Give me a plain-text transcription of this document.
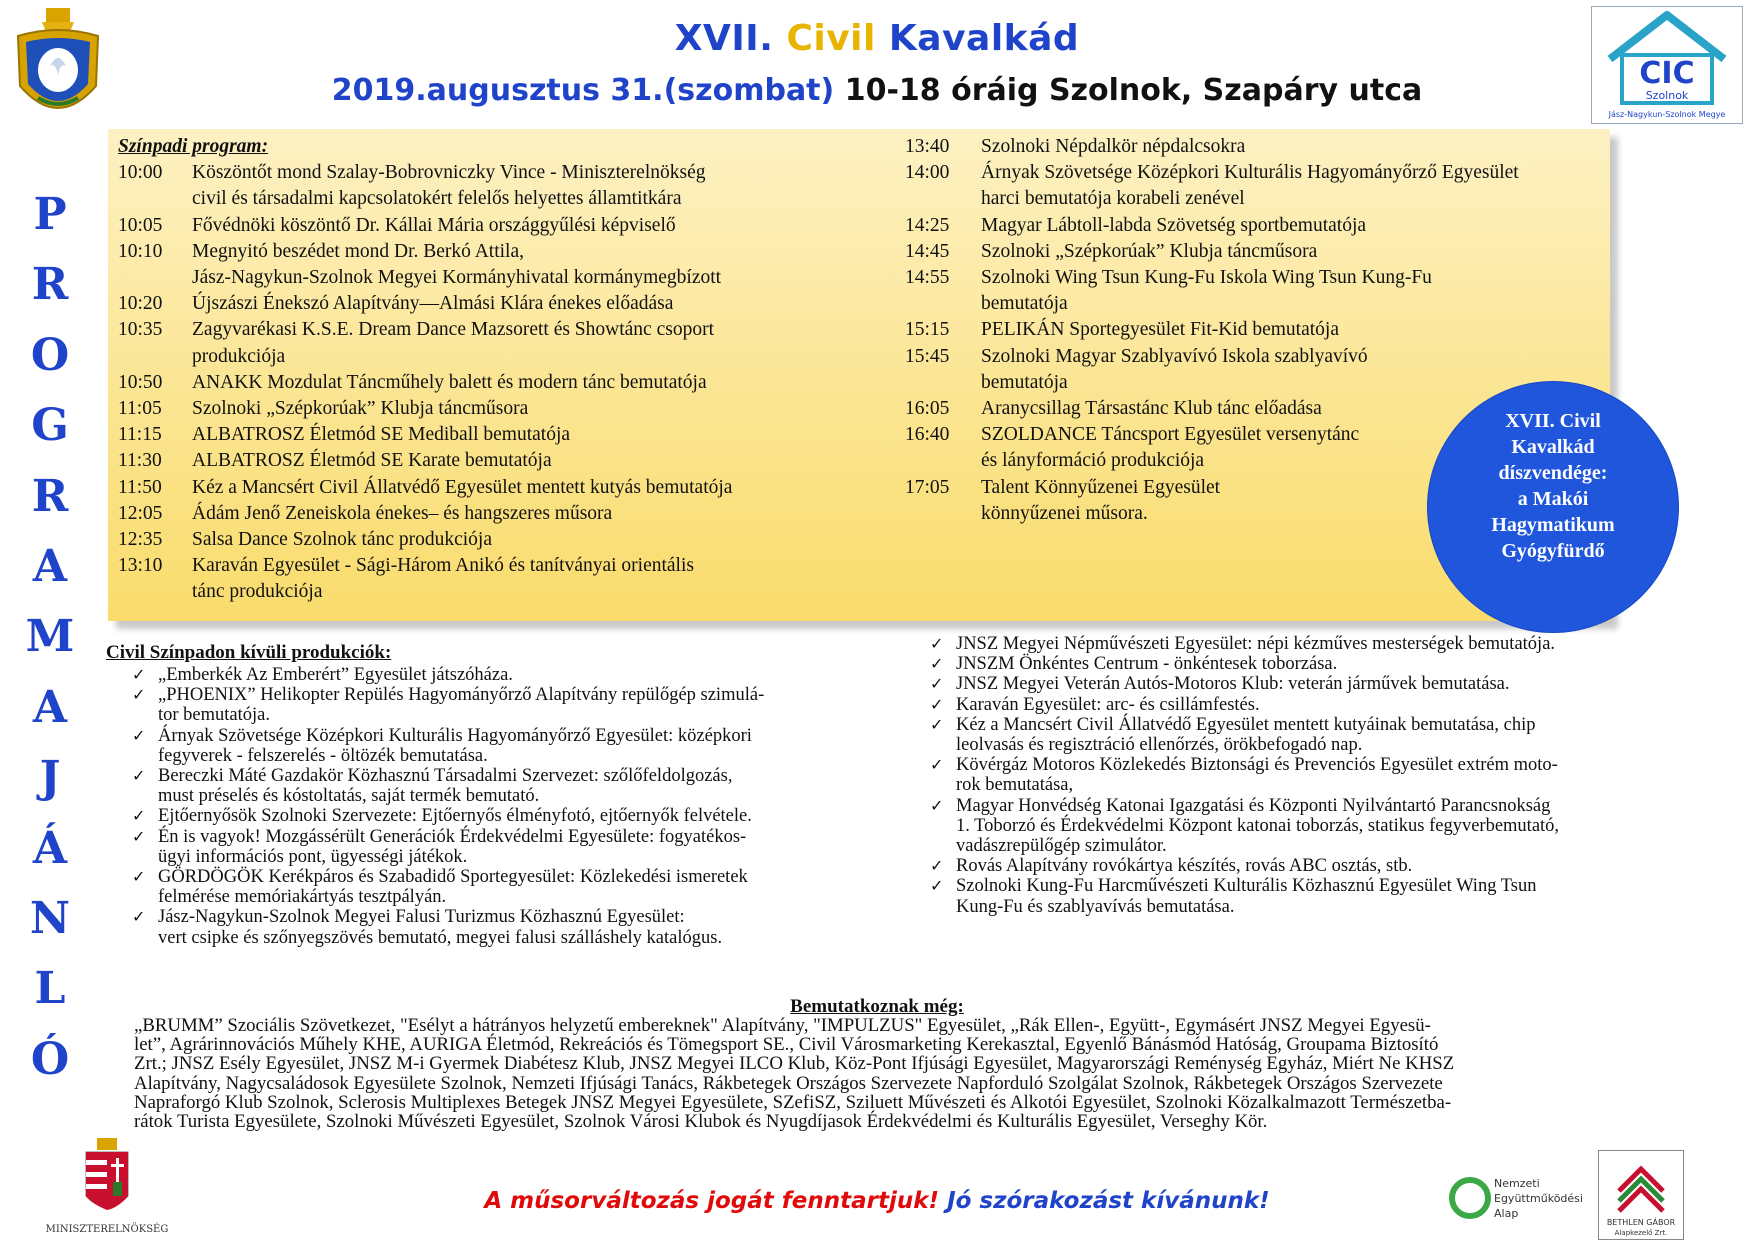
XVII. Civil Kavalkád
2019.augusztus 31.(szombat) 10-18 óráig Szolnok, Szapáry utca	CIC
Szolnok
Jász-Nagykun-Szolnok Megye
P
R
O
G
R
A
M
A
J
Á
N
L
Ó
Színpadi program:
10:00	Köszöntőt mond Szalay-Bobrovniczky Vince - Miniszterelnökség
civil és társadalmi kapcsolatokért felelős helyettes államtitkára
10:05	Fővédnöki köszöntő Dr. Kállai Mária országgyűlési képviselő
10:10	Megnyitó beszédet mond Dr. Berkó Attila,
Jász-Nagykun-Szolnok Megyei Kormányhivatal kormánymegbízott
10:20	Újszászi Énekszó Alapítvány—Almási Klára énekes előadása
10:35	Zagyvarékasi K.S.E. Dream Dance Mazsorett és Showtánc csoport
produkciója
10:50	ANAKK Mozdulat Táncműhely balett és modern tánc bemutatója
11:05	Szolnoki „Szépkorúak” Klubja táncműsora
11:15	ALBATROSZ Életmód SE Mediball bemutatója
11:30	ALBATROSZ Életmód SE Karate bemutatója
11:50	Kéz a Mancsért Civil Állatvédő Egyesület mentett kutyás bemutatója
12:05	Ádám Jenő Zeneiskola énekes– és hangszeres műsora
12:35	Salsa Dance Szolnok tánc produkciója
13:10	Karaván Egyesület - Sági-Három Anikó és tanítványai orientális
tánc produkciója
13:40	Szolnoki Népdalkör népdalcsokra
14:00	Árnyak Szövetsége Középkori Kulturális Hagyományőrző Egyesület
harci bemutatója korabeli zenével
14:25	Magyar Lábtoll-labda Szövetség sportbemutatója
14:45	Szolnoki „Szépkorúak” Klubja táncműsora
14:55	Szolnoki Wing Tsun Kung-Fu Iskola Wing Tsun Kung-Fu
bemutatója
15:15	PELIKÁN Sportegyesület Fit-Kid bemutatója
15:45	Szolnoki Magyar Szablyavívó Iskola szablyavívó
bemutatója
16:05	Aranycsillag Társastánc Klub tánc előadása
16:40	SZOLDANCE Táncsport Egyesület versenytánc
és lányformáció produkciója
17:05	Talent Könnyűzenei Egyesület
könnyűzenei műsora.
XVII. Civil
Kavalkád
díszvendége:
a Makói
Hagymatikum
Gyógyfürdő
Civil Színpadon kívüli produkciók:
✓ „Emberkék Az Emberért” Egyesület játszóháza.
✓ „PHOENIX” Helikopter Repülés Hagyományőrző Alapítvány repülőgép szimulá-
tor bemutatója.
✓ Árnyak Szövetsége Középkori Kulturális Hagyományőrző Egyesület: középkori
fegyverek - felszerelés - öltözék bemutatása.
✓ Bereczki Máté Gazdakör Közhasznú Társadalmi Szervezet: szőlőfeldolgozás,
must préselés és kóstoltatás, saját termék bemutató.
✓ Ejtőernyősök Szolnoki Szervezete: Ejtőernyős élményfotó, ejtőernyők felvétele.
✓ Én is vagyok! Mozgássérült Generációk Érdekvédelmi Egyesülete: fogyatékos-
ügyi információs pont, ügyességi játékok.
✓ GÖRDÖGÖK Kerékpáros és Szabadidő Sportegyesület: Közlekedési ismeretek
felmérése memóriakártyás tesztpályán.
✓ Jász-Nagykun-Szolnok Megyei Falusi Turizmus Közhasznú Egyesület:
vert csipke és szőnyegszövés bemutató, megyei falusi szálláshely katalógus.
✓ JNSZ Megyei Népművészeti Egyesület: népi kézműves mesterségek bemutatója.
✓ JNSZM Önkéntes Centrum - önkéntesek toborzása.
✓ JNSZ Megyei Veterán Autós-Motoros Klub: veterán járművek bemutatása.
✓ Karaván Egyesület: arc- és csillámfestés.
✓ Kéz a Mancsért Civil Állatvédő Egyesület mentett kutyáinak bemutatása, chip
leolvasás és regisztráció ellenőrzés, örökbefogadó nap.
✓ Kövérgáz Motoros Közlekedés Biztonsági és Prevenciós Egyesület extrém moto-
rok bemutatása,
✓ Magyar Honvédség Katonai Igazgatási és Központi Nyilvántartó Parancsnokság
1. Toborzó és Érdekvédelmi Központ katonai toborzás, statikus fegyverbemutató,
vadászrepülőgép szimulátor.
✓ Rovás Alapítvány rovókártya készítés, rovás ABC osztás, stb.
✓ Szolnoki Kung-Fu Harcművészeti Kulturális Közhasznú Egyesület Wing Tsun
Kung-Fu és szablyavívás bemutatása.
Bemutatkoznak még:
„BRUMM” Szociális Szövetkezet, "Esélyt a hátrányos helyzetű embereknek" Alapítvány, "IMPULZUS" Egyesület, „Rák Ellen-, Együtt-, Egymásért JNSZ Megyei Egyesü-
let”, Agrárinnovációs Műhely KHE, AURIGA Életmód, Rekreációs és Tömegsport SE., Civil Városmarketing Kerekasztal, Egyenlő Bánásmód Hatóság, Groupama Biztosító
Zrt.; JNSZ Esély Egyesület, JNSZ M-i Gyermek Diabétesz Klub, JNSZ Megyei ILCO Klub, Köz-Pont Ifjúsági Egyesület, Magyarországi Reménység Egyház, Miért Ne KHSZ
Alapítvány, Nagycsaládosok Egyesülete Szolnok, Nemzeti Ifjúsági Tanács, Rákbetegek Országos Szervezete Napforduló Szolgálat Szolnok, Rákbetegek Országos Szervezete
Napraforgó Klub Szolnok, Sclerosis Multiplexes Betegek JNSZ Megyei Egyesülete, SZefiSZ, Sziluett Művészeti és Alkotói Egyesület, Szolnoki Közalkalmazott Természetba-
rátok Turista Egyesülete, Szolnoki Művészeti Egyesület, Szolnok Városi Klubok és Nyugdíjasok Érdekvédelmi és Kulturális Egyesület, Verseghy Kör.
A műsorváltozás jogát fenntartjuk! Jó szórakozást kívánunk!
MINISZTERELNÖKSÉG
Nemzeti
Együttműködési
Alap
BETHLEN GÁBOR
Alapkezelő Zrt.
